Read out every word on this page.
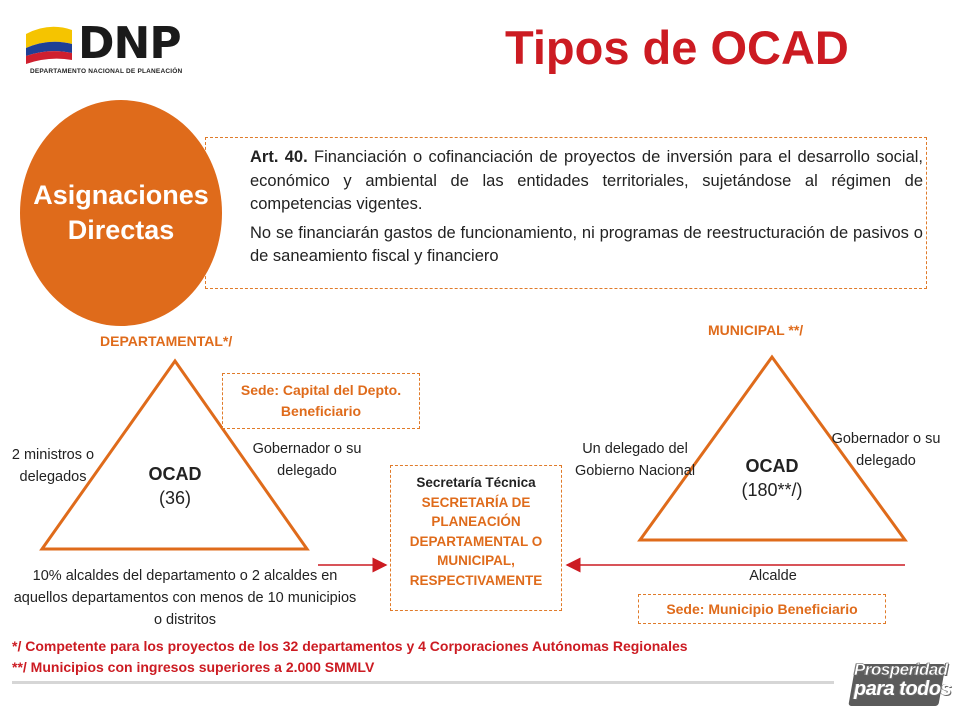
DNP
DEPARTAMENTO NACIONAL DE PLANEACIÓN	Tipos de OCAD
Asignaciones
Directas

Art. 40. Financiación o cofinanciación de proyectos de inversión para el desarrollo social, económico y ambiental de las entidades territoriales, sujetándose al régimen de competencias vigentes.

No se financiarán gastos de funcionamiento, ni programas de reestructuración de pasivos o de saneamiento fiscal y financiero

DEPARTAMENTAL*/
Sede: Capital del Depto. Beneficiario
OCAD
(36)
2 ministros o delegados
Gobernador o su delegado
10% alcaldes del departamento o 2 alcaldes en aquellos departamentos con menos de 10 municipios o distritos
Secretaría Técnica
SECRETARÍA DE PLANEACIÓN DEPARTAMENTAL O MUNICIPAL, RESPECTIVAMENTE
MUNICIPAL **/
OCAD
(180**/)
Un delegado del Gobierno Nacional
Gobernador o su delegado
Alcalde
Sede: Municipio Beneficiario
*/ Competente para los proyectos de los 32 departamentos y 4 Corporaciones Autónomas Regionales
**/ Municipios con ingresos superiores a 2.000 SMMLV	Prosperidad
para todos
